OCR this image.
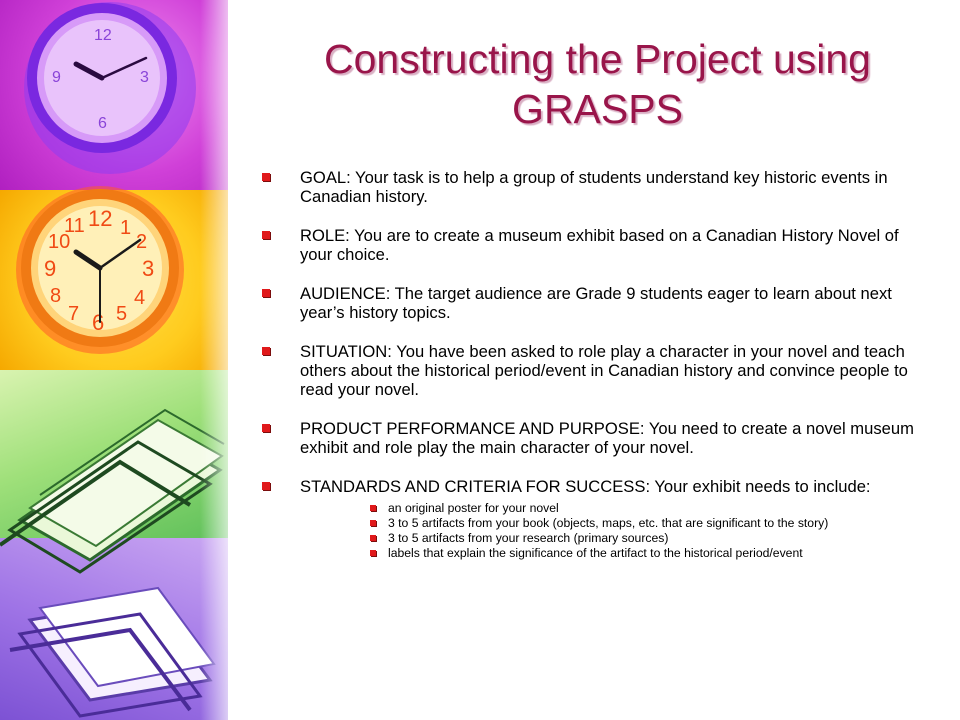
12
3
6
9
12 1
2
3
4
5
6
7
8
9
10
11
Constructing the Project using
GRASPS
GOAL: Your task is to help a group of students understand key historic events in Canadian history.
ROLE: You are to create a museum exhibit based on a Canadian History Novel of your choice.
AUDIENCE: The target audience are Grade 9 students eager to learn about next year’s history topics.
SITUATION: You have been asked to role play a character in your novel and teach others about the historical period/event in Canadian history and convince people to read your novel.
PRODUCT PERFORMANCE AND PURPOSE: You need to create a novel museum exhibit and role play the main character of your novel.
STANDARDS AND CRITERIA FOR SUCCESS: Your exhibit needs to include:
an original poster for your novel
3 to 5 artifacts from your book (objects, maps, etc. that are significant to the story)
3 to 5 artifacts from your research (primary sources)
labels that explain the significance of the artifact to the historical period/event
